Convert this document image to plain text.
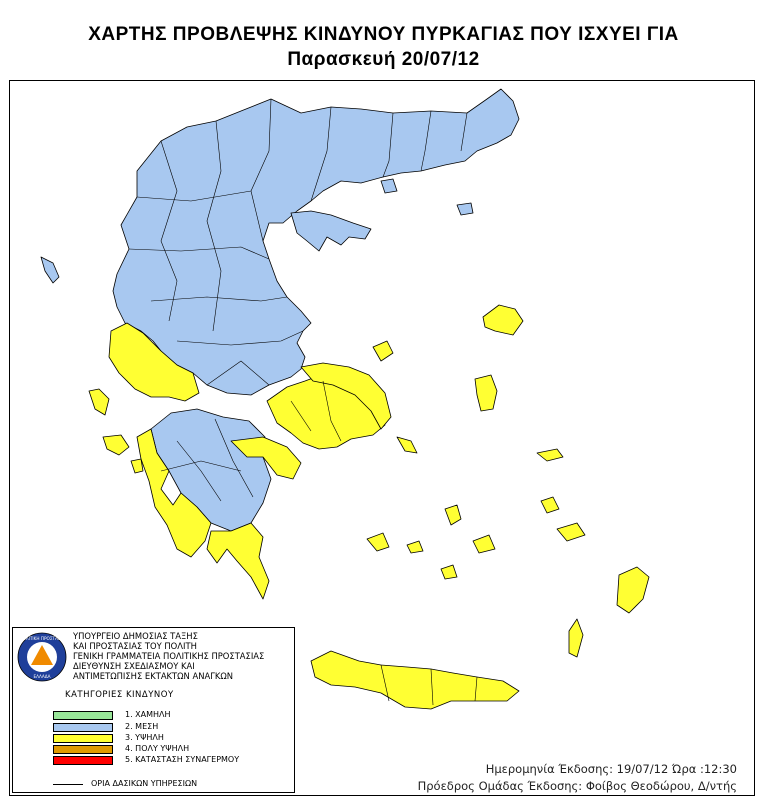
ΧΑΡΤΗΣ ΠΡΟΒΛΕΨΗΣ ΚΙΝΔΥΝΟΥ ΠΥΡΚΑΓΙΑΣ ΠΟΥ ΙΣΧΥΕΙ ΓΙΑ
Παρασκευή 20/07/12
ΠΟΛΙΤΙΚΗ ΠΡΟΣΤΑΣΙΑ
ΕΛΛΑΔΑ
ΥΠΟΥΡΓΕΙΟ ΔΗΜΟΣΙΑΣ ΤΑΞΗΣ
ΚΑΙ ΠΡΟΣΤΑΣΙΑΣ ΤΟΥ ΠΟΛΙΤΗ
ΓΕΝΙΚΗ ΓΡΑΜΜΑΤΕΙΑ ΠΟΛΙΤΙΚΗΣ ΠΡΟΣΤΑΣΙΑΣ
ΔΙΕΥΘΥΝΣΗ ΣΧΕΔΙΑΣΜΟΥ ΚΑΙ
ΑΝΤΙΜΕΤΩΠΙΣΗΣ ΕΚΤΑΚΤΩΝ ΑΝΑΓΚΩΝ
ΚΑΤΗΓΟΡΙΕΣ ΚΙΝΔΥΝΟΥ
1. ΧΑΜΗΛΗ
2. ΜΕΣΗ
3. ΥΨΗΛΗ
4. ΠΟΛΥ ΥΨΗΛΗ
5. ΚΑΤΑΣΤΑΣΗ ΣΥΝΑΓΕΡΜΟΥ
ΟΡΙΑ ΔΑΣΙΚΩΝ ΥΠΗΡΕΣΙΩΝ
Ημερομηνία Έκδοσης: 19/07/12 Ώρα :12:30
Πρόεδρος Ομάδας Έκδοσης: Φοίβος Θεοδώρου, Δ/ντής
